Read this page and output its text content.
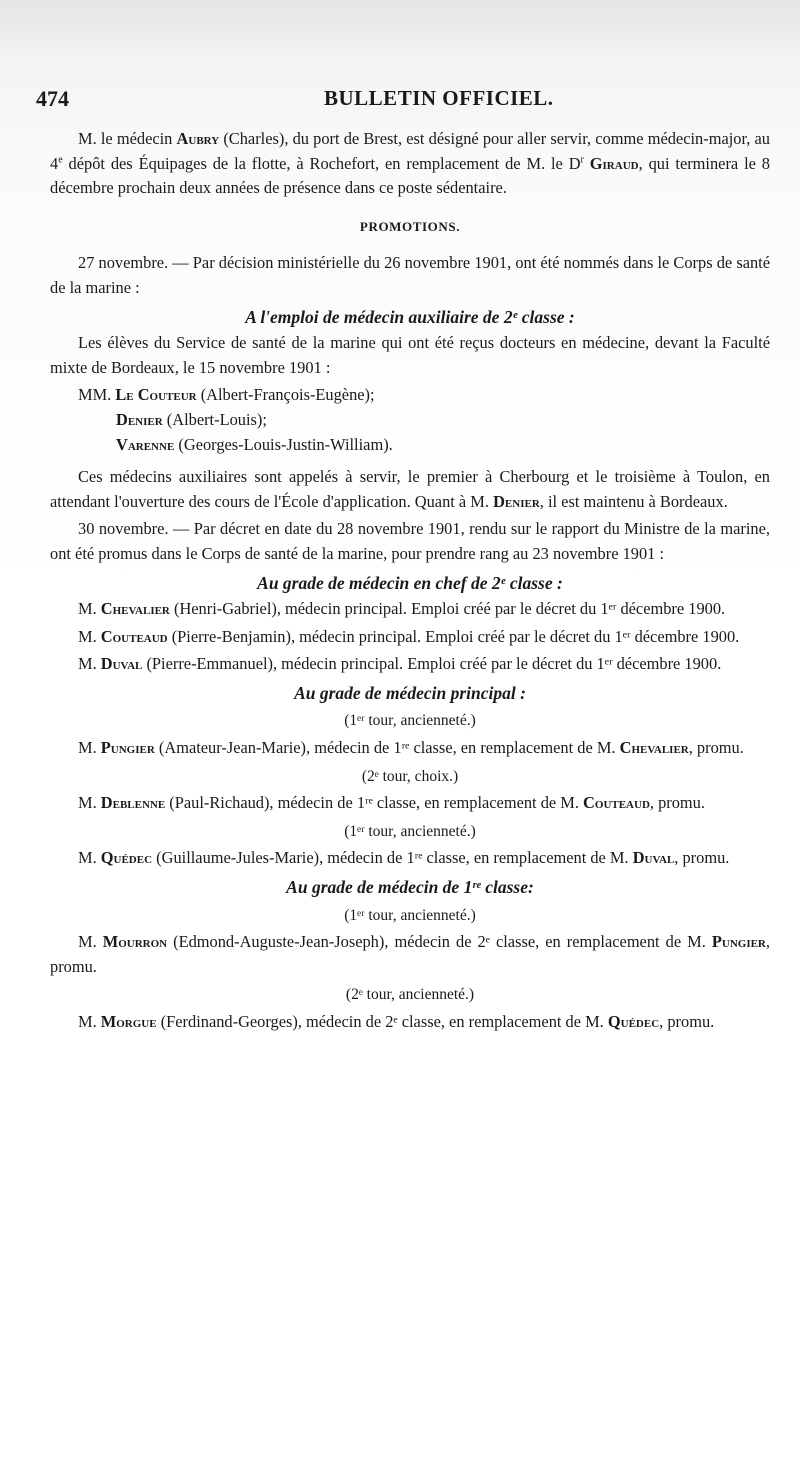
474	BULLETIN OFFICIEL.

M. le médecin Aubry (Charles), du port de Brest, est désigné pour aller servir, comme médecin-major, au 4e dépôt des Équipages de la flotte, à Rochefort, en remplacement de M. le $D^r$ Giraud, qui terminera le 8 décembre prochain deux années de présence dans ce poste sédentaire.

PROMOTIONS.

27 novembre. — Par décision ministérielle du 26 novembre 1901, ont été nommés dans le Corps de santé de la marine :

A l'emploi de médecin auxiliaire de 2ᵉ classe :

Les élèves du Service de santé de la marine qui ont été reçus docteurs en médecine, devant la Faculté mixte de Bordeaux, le 15 novembre 1901 :

MM. Le Couteur (Albert-François-Eugène);
Denier (Albert-Louis);
Varenne (Georges-Louis-Justin-William).

Ces médecins auxiliaires sont appelés à servir, le premier à Cherbourg et le troisième à Toulon, en attendant l'ouverture des cours de l'École d'application. Quant à M. Denier, il est maintenu à Bordeaux.

30 novembre. — Par décret en date du 28 novembre 1901, rendu sur le rapport du Ministre de la marine, ont été promus dans le Corps de santé de la marine, pour prendre rang au 23 novembre 1901 :

Au grade de médecin en chef de 2ᵉ classe :

M. Chevalier (Henri-Gabriel), médecin principal. Emploi créé par le décret du 1ᵉʳ décembre 1900.

M. Couteaud (Pierre-Benjamin), médecin principal. Emploi créé par le décret du 1ᵉʳ décembre 1900.

M. Duval (Pierre-Emmanuel), médecin principal. Emploi créé par le décret du 1ᵉʳ décembre 1900.

Au grade de médecin principal :
(1ᵉʳ tour, ancienneté.)

M. Pungier (Amateur-Jean-Marie), médecin de 1ʳᵉ classe, en remplacement de M. Chevalier, promu.

(2ᵉ tour, choix.)

M. Deblenne (Paul-Richaud), médecin de 1ʳᵉ classe, en remplacement de M. Couteaud, promu.

(1ᵉʳ tour, ancienneté.)

M. Quédec (Guillaume-Jules-Marie), médecin de 1ʳᵉ classe, en remplacement de M. Duval, promu.

Au grade de médecin de 1ʳᵉ classe:
(1ᵉʳ tour, ancienneté.)

M. Mourron (Edmond-Auguste-Jean-Joseph), médecin de 2ᵉ classe, en remplacement de M. Pungier, promu.

(2ᵉ tour, ancienneté.)

M. Morgue (Ferdinand-Georges), médecin de 2ᵉ classe, en remplacement de M. Quédec, promu.
